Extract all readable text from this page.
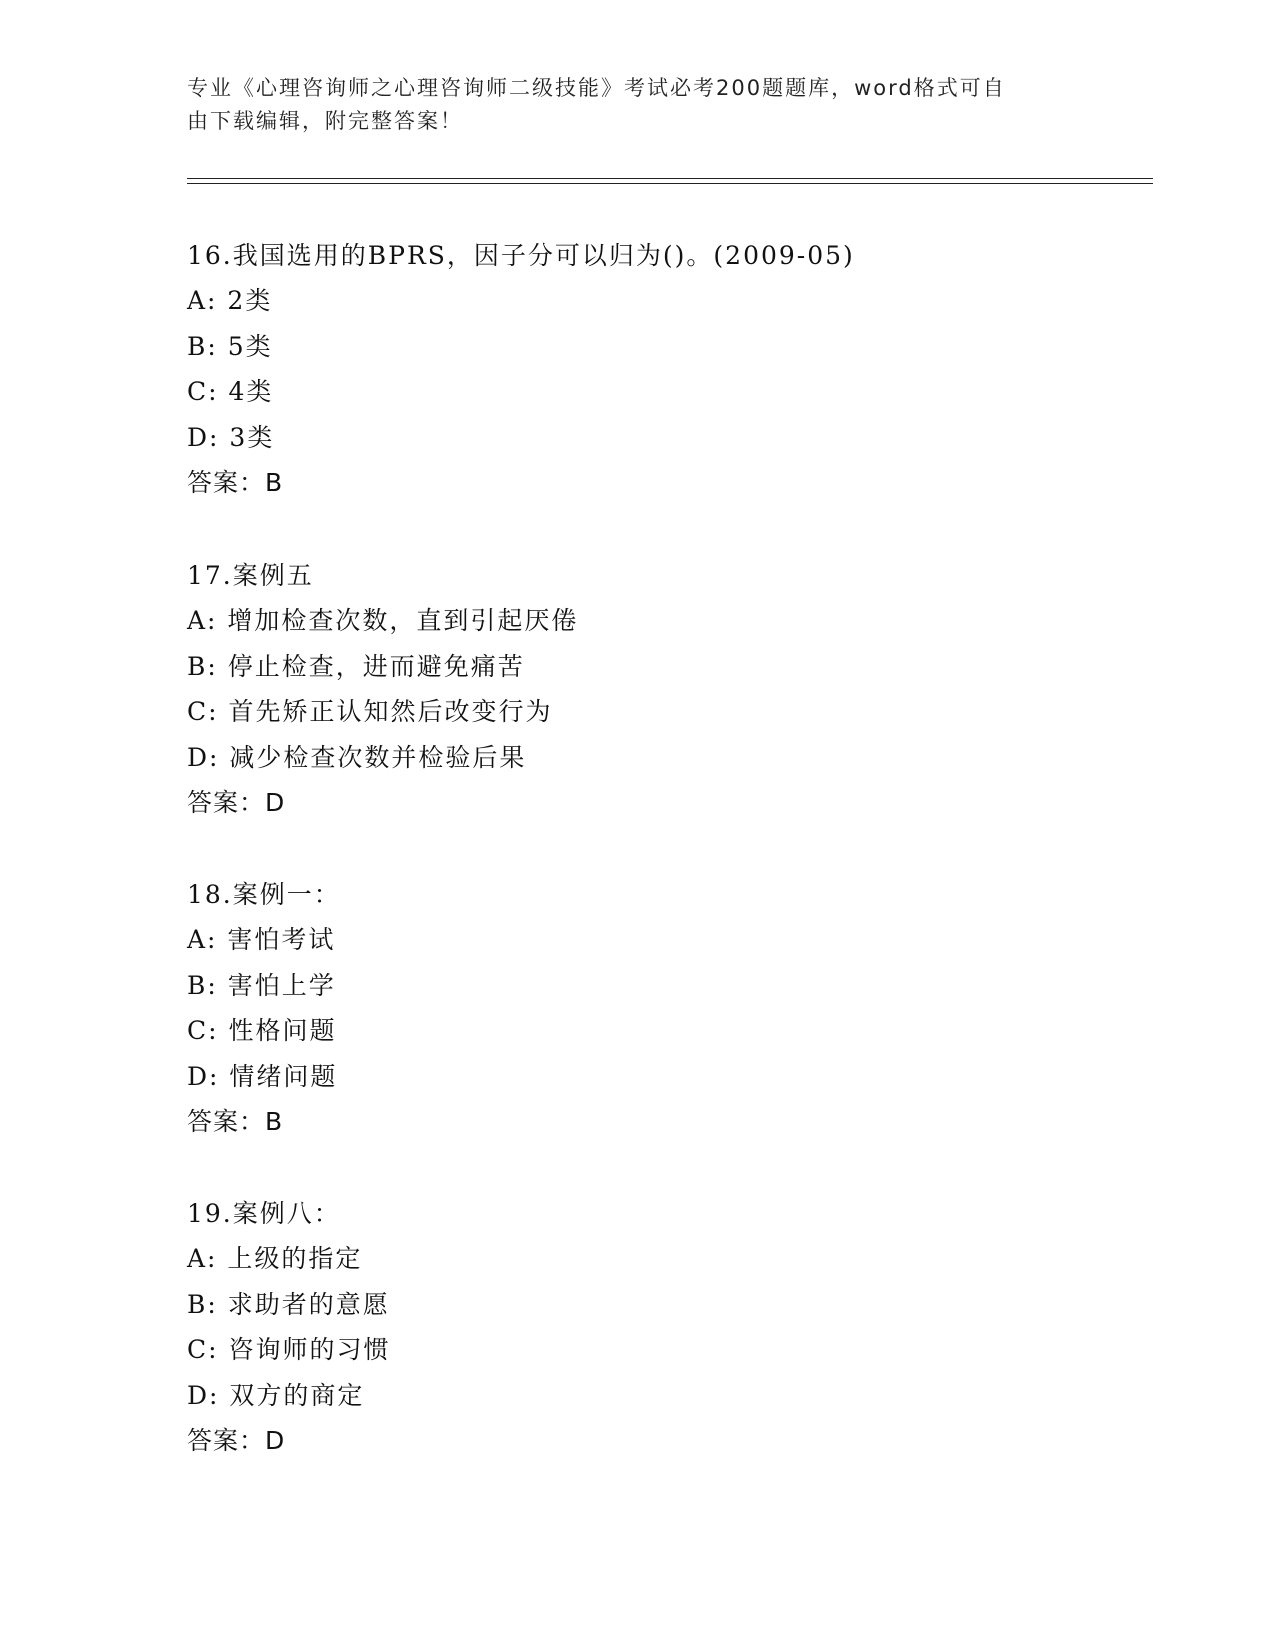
专业《心理咨询师之心理咨询师二级技能》考试必考200题题库，word格式可自
由下载编辑，附完整答案！
16.我国选用的BPRS，因子分可以归为()。(2009-05)
A: 2类
B: 5类
C: 4类
D: 3类
答案：B
17.案例五
A: 增加检查次数，直到引起厌倦
B: 停止检查，进而避免痛苦
C: 首先矫正认知然后改变行为
D: 减少检查次数并检验后果
答案：D
18.案例一：
A: 害怕考试
B: 害怕上学
C: 性格问题
D: 情绪问题
答案：B
19.案例八：
A: 上级的指定
B: 求助者的意愿
C: 咨询师的习惯
D: 双方的商定
答案：D
